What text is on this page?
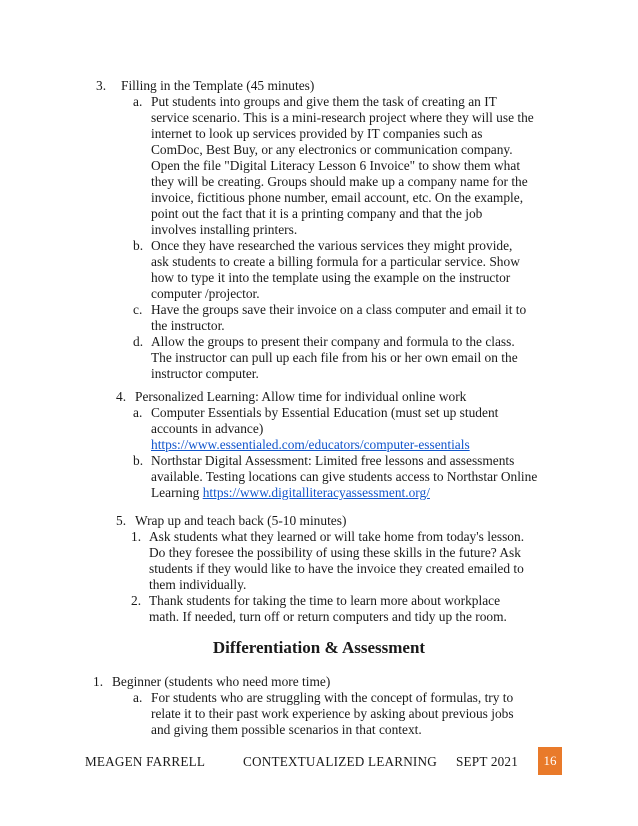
3. Filling in the Template (45 minutes)
a. Put students into groups and give them the task of creating an IT
service scenario. This is a mini-research project where they will use the
internet to look up services provided by IT companies such as
ComDoc, Best Buy, or any electronics or communication company.
Open the file "Digital Literacy Lesson 6 Invoice" to show them what
they will be creating. Groups should make up a company name for the
invoice, fictitious phone number, email account, etc. On the example,
point out the fact that it is a printing company and that the job
involves installing printers.
b. Once they have researched the various services they might provide,
ask students to create a billing formula for a particular service. Show
how to type it into the template using the example on the instructor
computer /projector.
c. Have the groups save their invoice on a class computer and email it to
the instructor.
d. Allow the groups to present their company and formula to the class.
The instructor can pull up each file from his or her own email on the
instructor computer.
4. Personalized Learning: Allow time for individual online work
a. Computer Essentials by Essential Education (must set up student
accounts in advance)
https://www.essentialed.com/educators/computer-essentials
b. Northstar Digital Assessment: Limited free lessons and assessments
available. Testing locations can give students access to Northstar Online
Learning https://www.digitalliteracyassessment.org/
5. Wrap up and teach back (5-10 minutes)
1. Ask students what they learned or will take home from today's lesson.
Do they foresee the possibility of using these skills in the future? Ask
students if they would like to have the invoice they created emailed to
them individually.
2. Thank students for taking the time to learn more about workplace
math. If needed, turn off or return computers and tidy up the room.
Differentiation & Assessment
1. Beginner (students who need more time)
a. For students who are struggling with the concept of formulas, try to
relate it to their past work experience by asking about previous jobs
and giving them possible scenarios in that context.
MEAGEN FARRELL	CONTEXTUALIZED LEARNING SEPT 2021	16
